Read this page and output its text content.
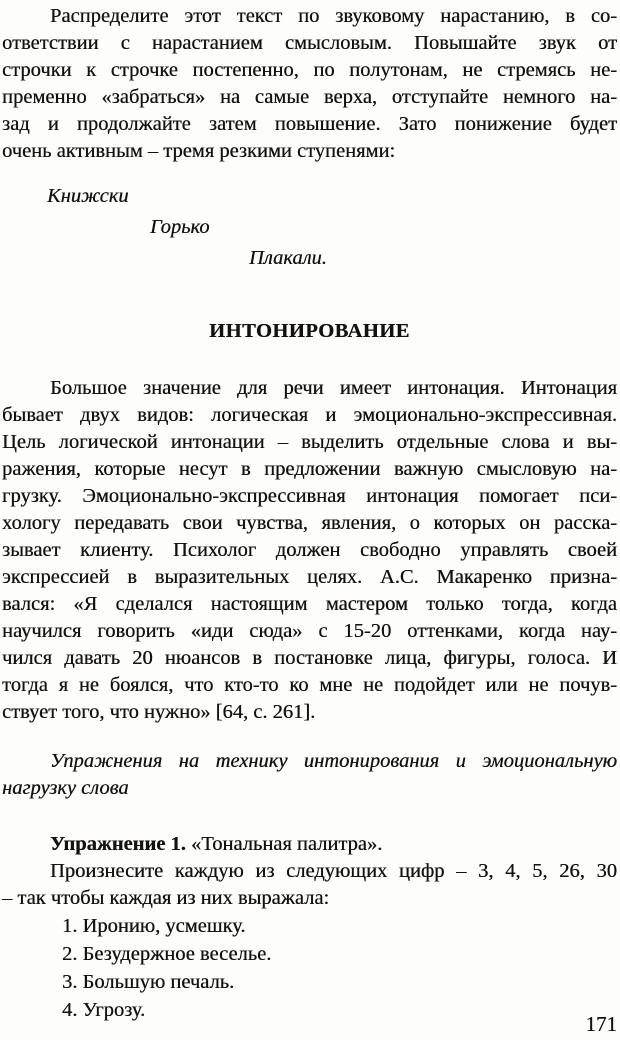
Распределите этот текст по звуковому нарастанию, в со-
ответствии с нарастанием смысловым. Повышайте звук от
строчки к строчке постепенно, по полутонам, не стремясь не-
пременно «забраться» на самые верха, отступайте немного на-
зад и продолжайте затем повышение. Зато понижение будет
очень активным – тремя резкими ступенями:
Книжски
Горько
Плакали.
ИНТОНИРОВАНИЕ
Большое значение для речи имеет интонация. Интонация
бывает двух видов: логическая и эмоционально-экспрессивная.
Цель логической интонации – выделить отдельные слова и вы-
ражения, которые несут в предложении важную смысловую на-
грузку. Эмоционально-экспрессивная интонация помогает пси-
хологу передавать свои чувства, явления, о которых он расска-
зывает клиенту. Психолог должен свободно управлять своей
экспрессией в выразительных целях. А.С. Макаренко призна-
вался: «Я сделался настоящим мастером только тогда, когда
научился говорить «иди сюда» с 15-20 оттенками, когда нау-
чился давать 20 нюансов в постановке лица, фигуры, голоса. И
тогда я не боялся, что кто-то ко мне не подойдет или не почув-
ствует того, что нужно» [64, с. 261].
Упражнения на технику интонирования и эмоциональную
нагрузку слова
Упражнение 1. «Тональная палитра».
Произнесите каждую из следующих цифр – 3, 4, 5, 26, 30
– так чтобы каждая из них выражала:
1. Иронию, усмешку.
2. Безудержное веселье.
3. Большую печаль.
4. Угрозу.
171
